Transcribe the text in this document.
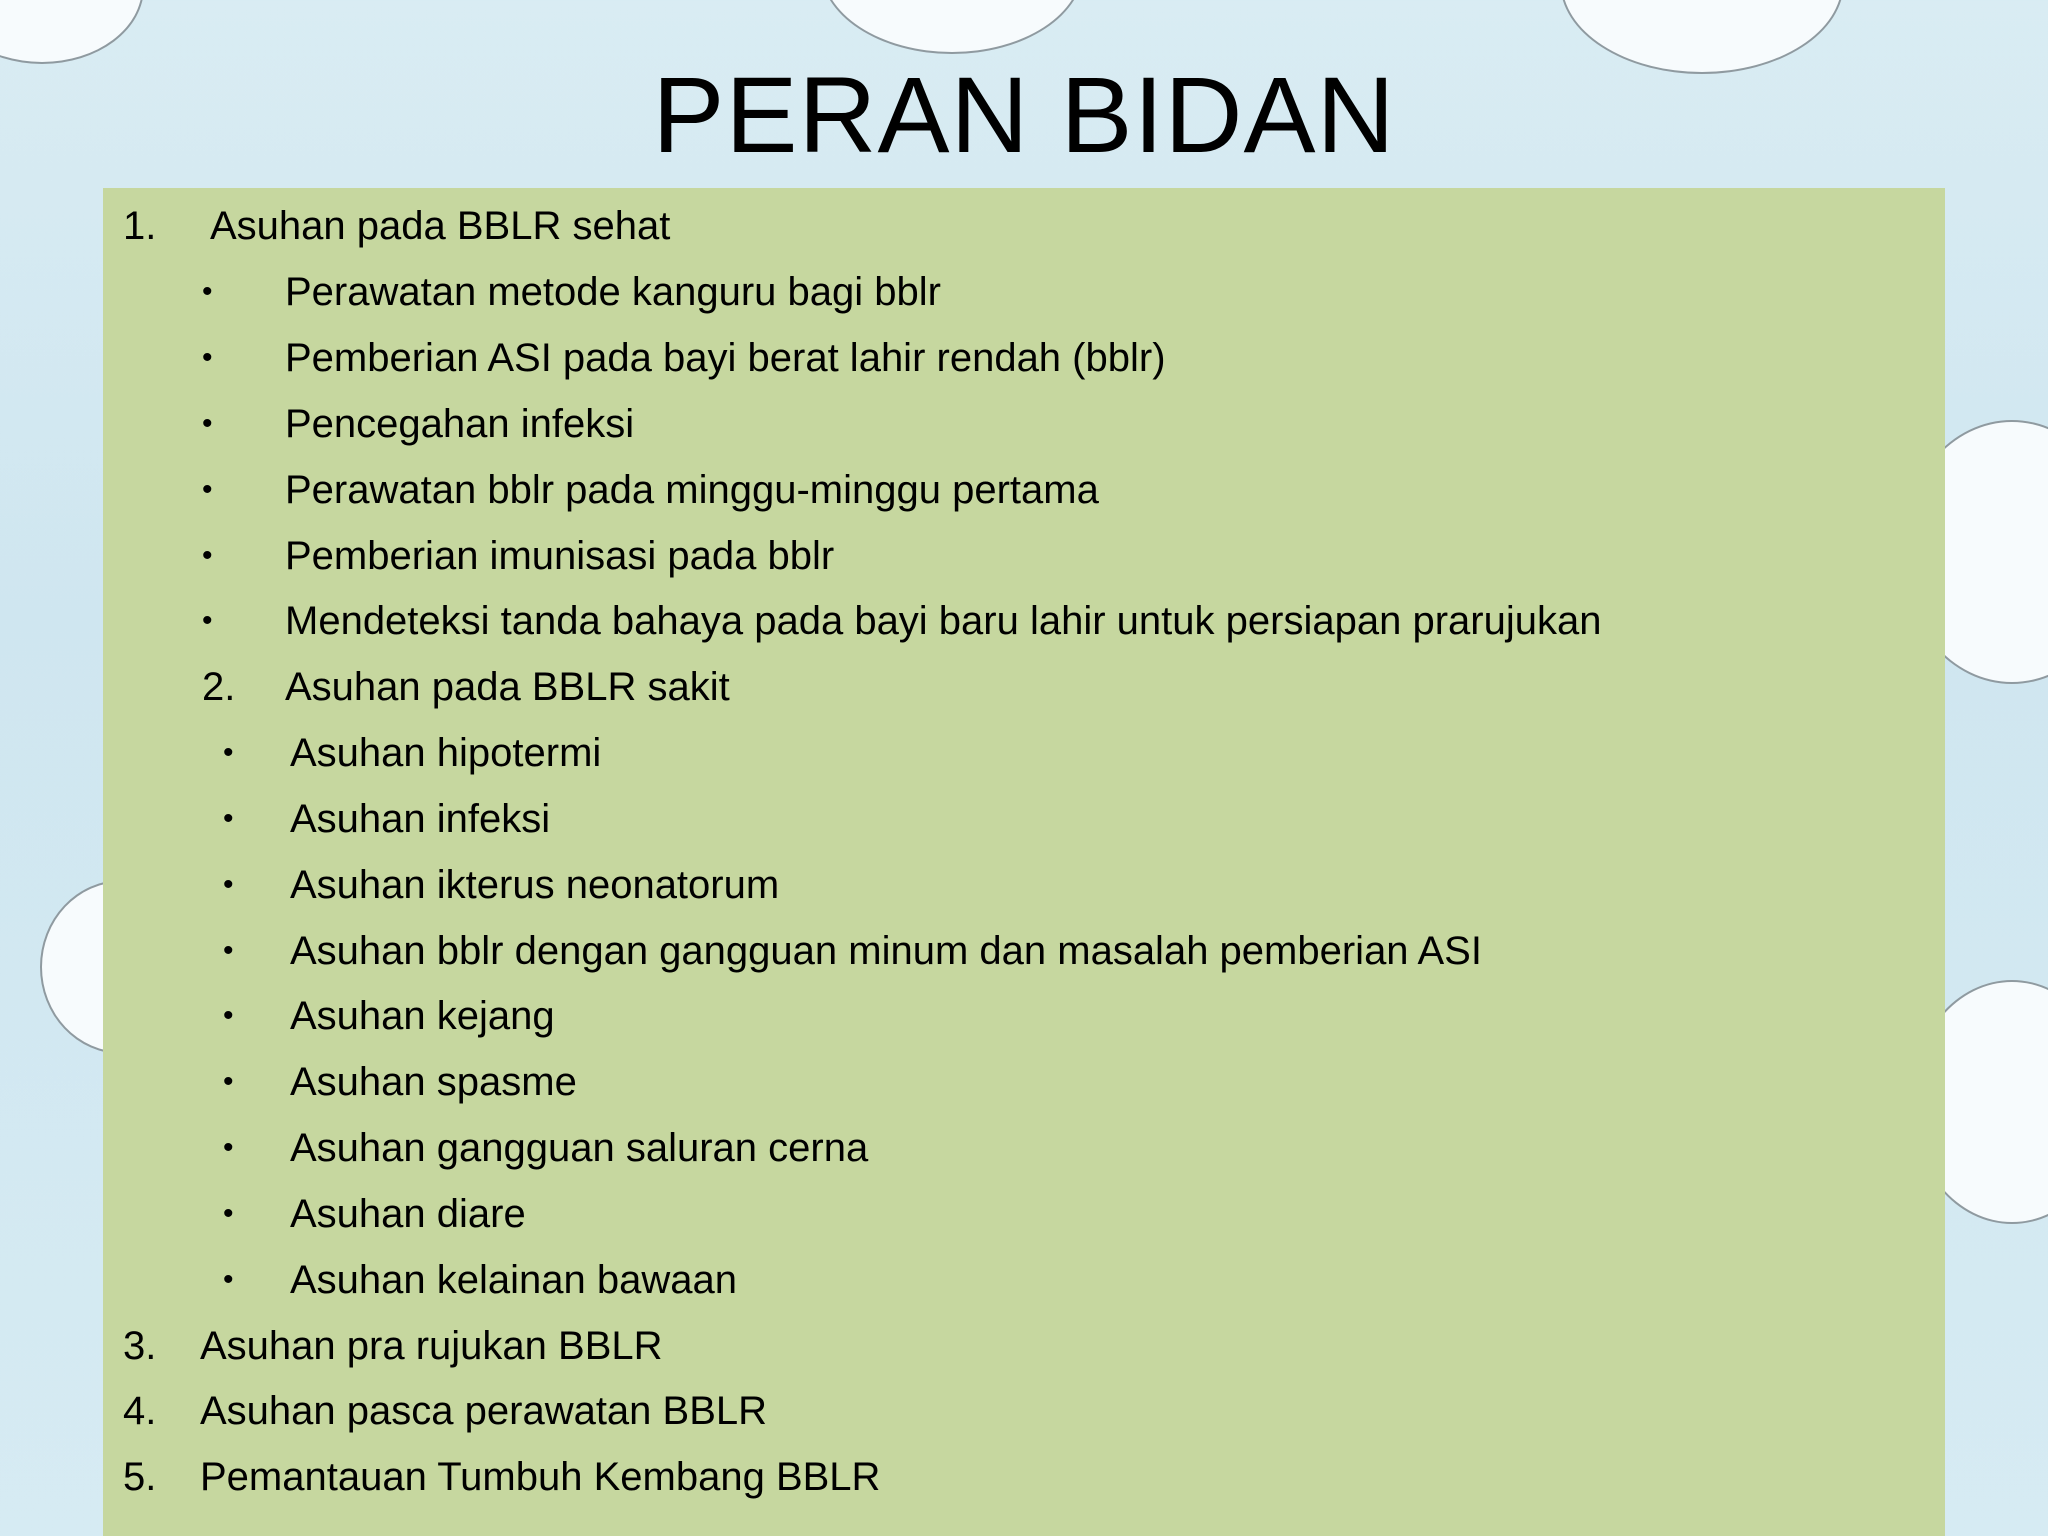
PERAN BIDAN
1. Asuhan pada BBLR sehat
• Perawatan metode kanguru bagi bblr
• Pemberian ASI pada bayi berat lahir rendah (bblr)
• Pencegahan infeksi
• Perawatan bblr pada minggu-minggu pertama
• Pemberian imunisasi pada bblr
• Mendeteksi tanda bahaya pada bayi baru lahir untuk persiapan prarujukan
2. Asuhan pada BBLR sakit
• Asuhan hipotermi
• Asuhan infeksi
• Asuhan ikterus neonatorum
• Asuhan bblr dengan gangguan minum dan masalah pemberian ASI
• Asuhan kejang
• Asuhan spasme
• Asuhan gangguan saluran cerna
• Asuhan diare
• Asuhan kelainan bawaan
3. Asuhan pra rujukan BBLR
4. Asuhan pasca perawatan BBLR
5. Pemantauan Tumbuh Kembang BBLR
